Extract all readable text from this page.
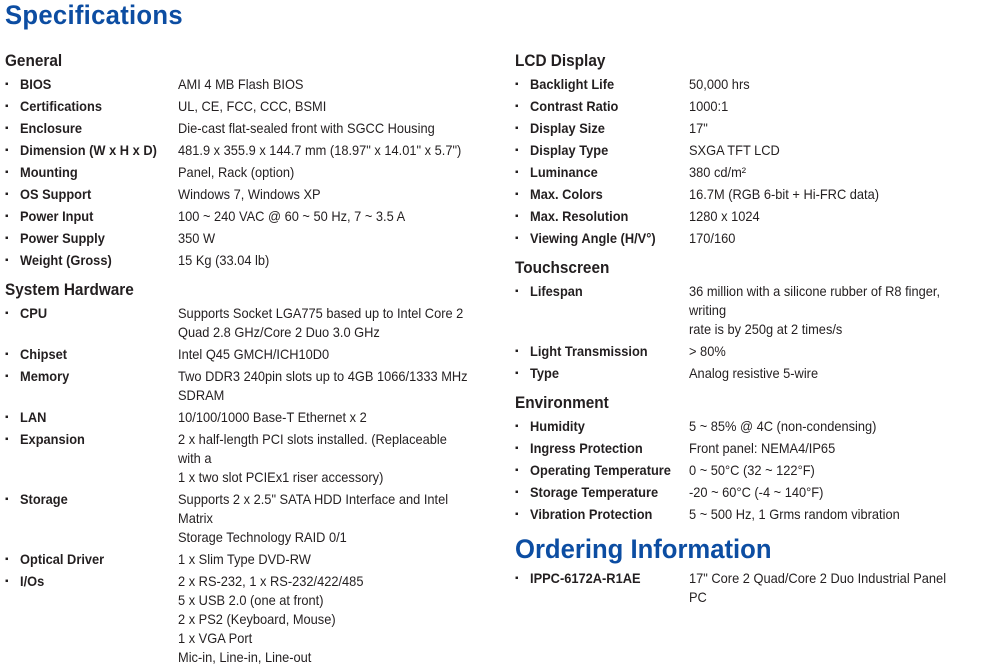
Specifications
General
▪ BIOS	AMI 4 MB Flash BIOS
▪ Certifications	UL, CE, FCC, CCC, BSMI
▪ Enclosure	Die-cast flat-sealed front with SGCC Housing
▪ Dimension (W x H x D)	481.9 x 355.9 x 144.7 mm (18.97" x 14.01" x 5.7")
▪ Mounting	Panel, Rack (option)
▪ OS Support	Windows 7, Windows XP
▪ Power Input	100 ~ 240 VAC @ 60 ~ 50 Hz, 7 ~ 3.5 A
▪ Power Supply	350 W
▪ Weight (Gross)	15 Kg (33.04 lb)
System Hardware
▪ CPU	Supports Socket LGA775 based up to Intel Core 2
Quad 2.8 GHz/Core 2 Duo 3.0 GHz
▪ Chipset	Intel Q45 GMCH/ICH10D0
▪ Memory	Two DDR3 240pin slots up to 4GB 1066/1333 MHz
SDRAM
▪ LAN	10/100/1000 Base-T Ethernet x 2
▪ Expansion	2 x half-length PCI slots installed. (Replaceable with a
1 x two slot PCIEx1 riser accessory)
▪ Storage	Supports 2 x 2.5" SATA HDD Interface and Intel Matrix
Storage Technology RAID 0/1
▪ Optical Driver	1 x Slim Type DVD-RW
▪ I/Os	2 x RS-232, 1 x RS-232/422/485
5 x USB 2.0 (one at front)
2 x PS2 (Keyboard, Mouse)
1 x VGA Port
Mic-in, Line-in, Line-out
LCD Display
▪ Backlight Life	50,000 hrs
▪ Contrast Ratio	1000:1
▪ Display Size	17"
▪ Display Type	SXGA TFT LCD
▪ Luminance	380 cd/m²
▪ Max. Colors	16.7M (RGB 6-bit + Hi-FRC data)
▪ Max. Resolution	1280 x 1024
▪ Viewing Angle (H/V°)	170/160
Touchscreen
▪ Lifespan	36 million with a silicone rubber of R8 finger, writing
rate is by 250g at 2 times/s
▪ Light Transmission	> 80%
▪ Type	Analog resistive 5-wire
Environment
▪ Humidity	5 ~ 85% @ 4C (non-condensing)
▪ Ingress Protection	Front panel: NEMA4/IP65
▪ Operating Temperature	0 ~ 50°C (32 ~ 122°F)
▪ Storage Temperature	-20 ~ 60°C (-4 ~ 140°F)
▪ Vibration Protection	5 ~ 500 Hz, 1 Grms random vibration
Ordering Information
▪ IPPC-6172A-R1AE	17" Core 2 Quad/Core 2 Duo Industrial Panel PC
